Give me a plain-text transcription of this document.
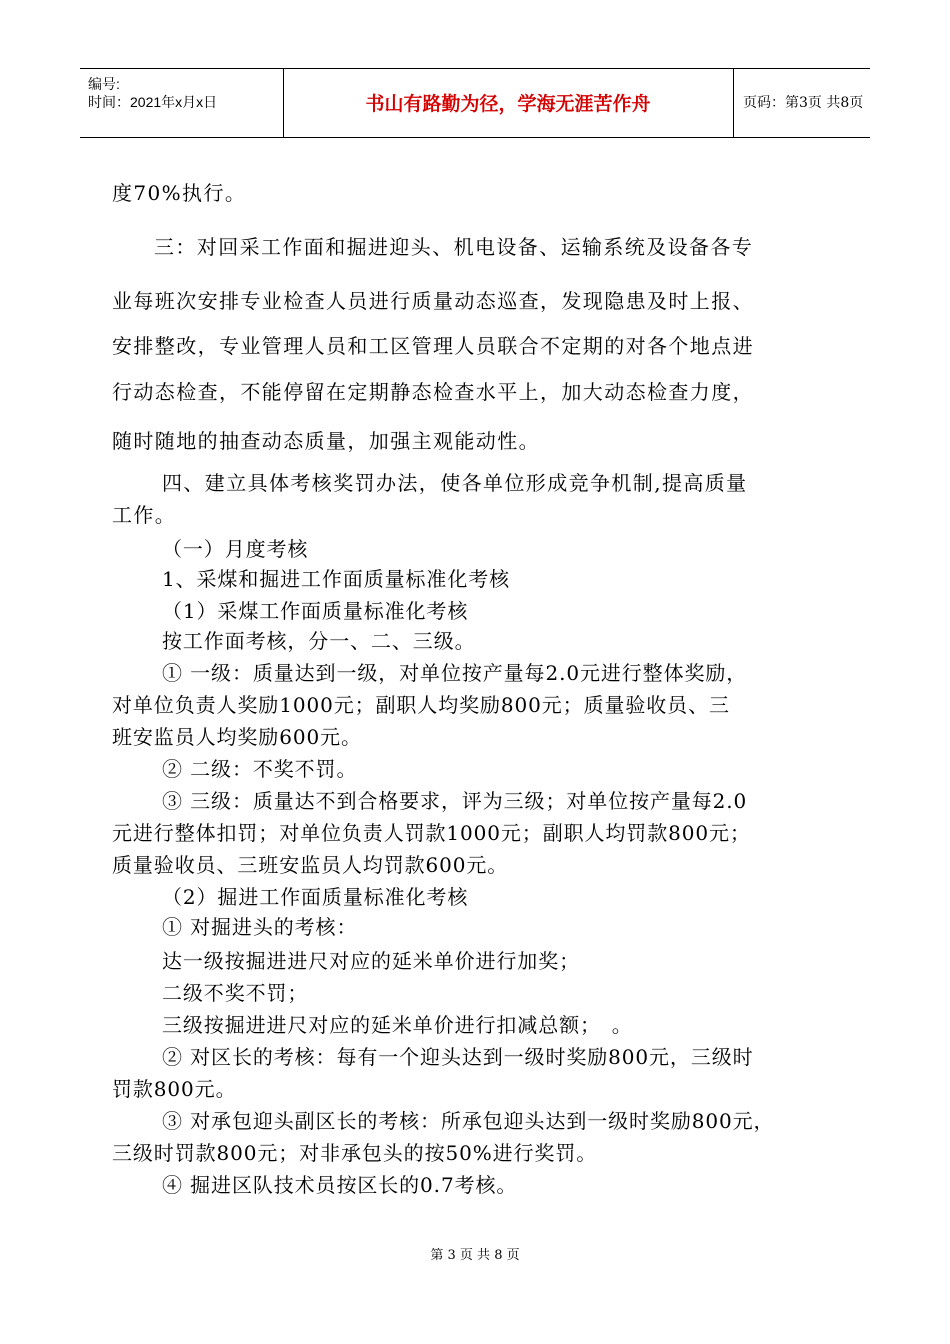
编号:
时间：2021年x月x日	书山有路勤为径，学海无涯苦作舟	页码：第3页 共8页
度70%执行。
三：对回采工作面和掘进迎头、机电设备、运输系统及设备各专
业每班次安排专业检查人员进行质量动态巡查，发现隐患及时上报、
安排整改，专业管理人员和工区管理人员联合不定期的对各个地点进
行动态检查，不能停留在定期静态检查水平上，加大动态检查力度，
随时随地的抽查动态质量，加强主观能动性。
四、建立具体考核奖罚办法，使各单位形成竞争机制,提高质量
工作。
（一）月度考核
1、采煤和掘进工作面质量标准化考核
（1）采煤工作面质量标准化考核
按工作面考核，分一、二、三级。
① 一级：质量达到一级，对单位按产量每2.0元进行整体奖励，
对单位负责人奖励1000元；副职人均奖励800元；质量验收员、三
班安监员人均奖励600元。
② 二级：不奖不罚。
③ 三级：质量达不到合格要求，评为三级；对单位按产量每2.0
元进行整体扣罚；对单位负责人罚款1000元；副职人均罚款800元；
质量验收员、三班安监员人均罚款600元。
（2）掘进工作面质量标准化考核
① 对掘进头的考核：
达一级按掘进进尺对应的延米单价进行加奖；
二级不奖不罚；
三级按掘进进尺对应的延米单价进行扣减总额；　。
② 对区长的考核：每有一个迎头达到一级时奖励800元，三级时
罚款800元。
③ 对承包迎头副区长的考核：所承包迎头达到一级时奖励800元，
三级时罚款800元；对非承包头的按50%进行奖罚。
④ 掘进区队技术员按区长的0.7考核。
第 3 页 共 8 页
